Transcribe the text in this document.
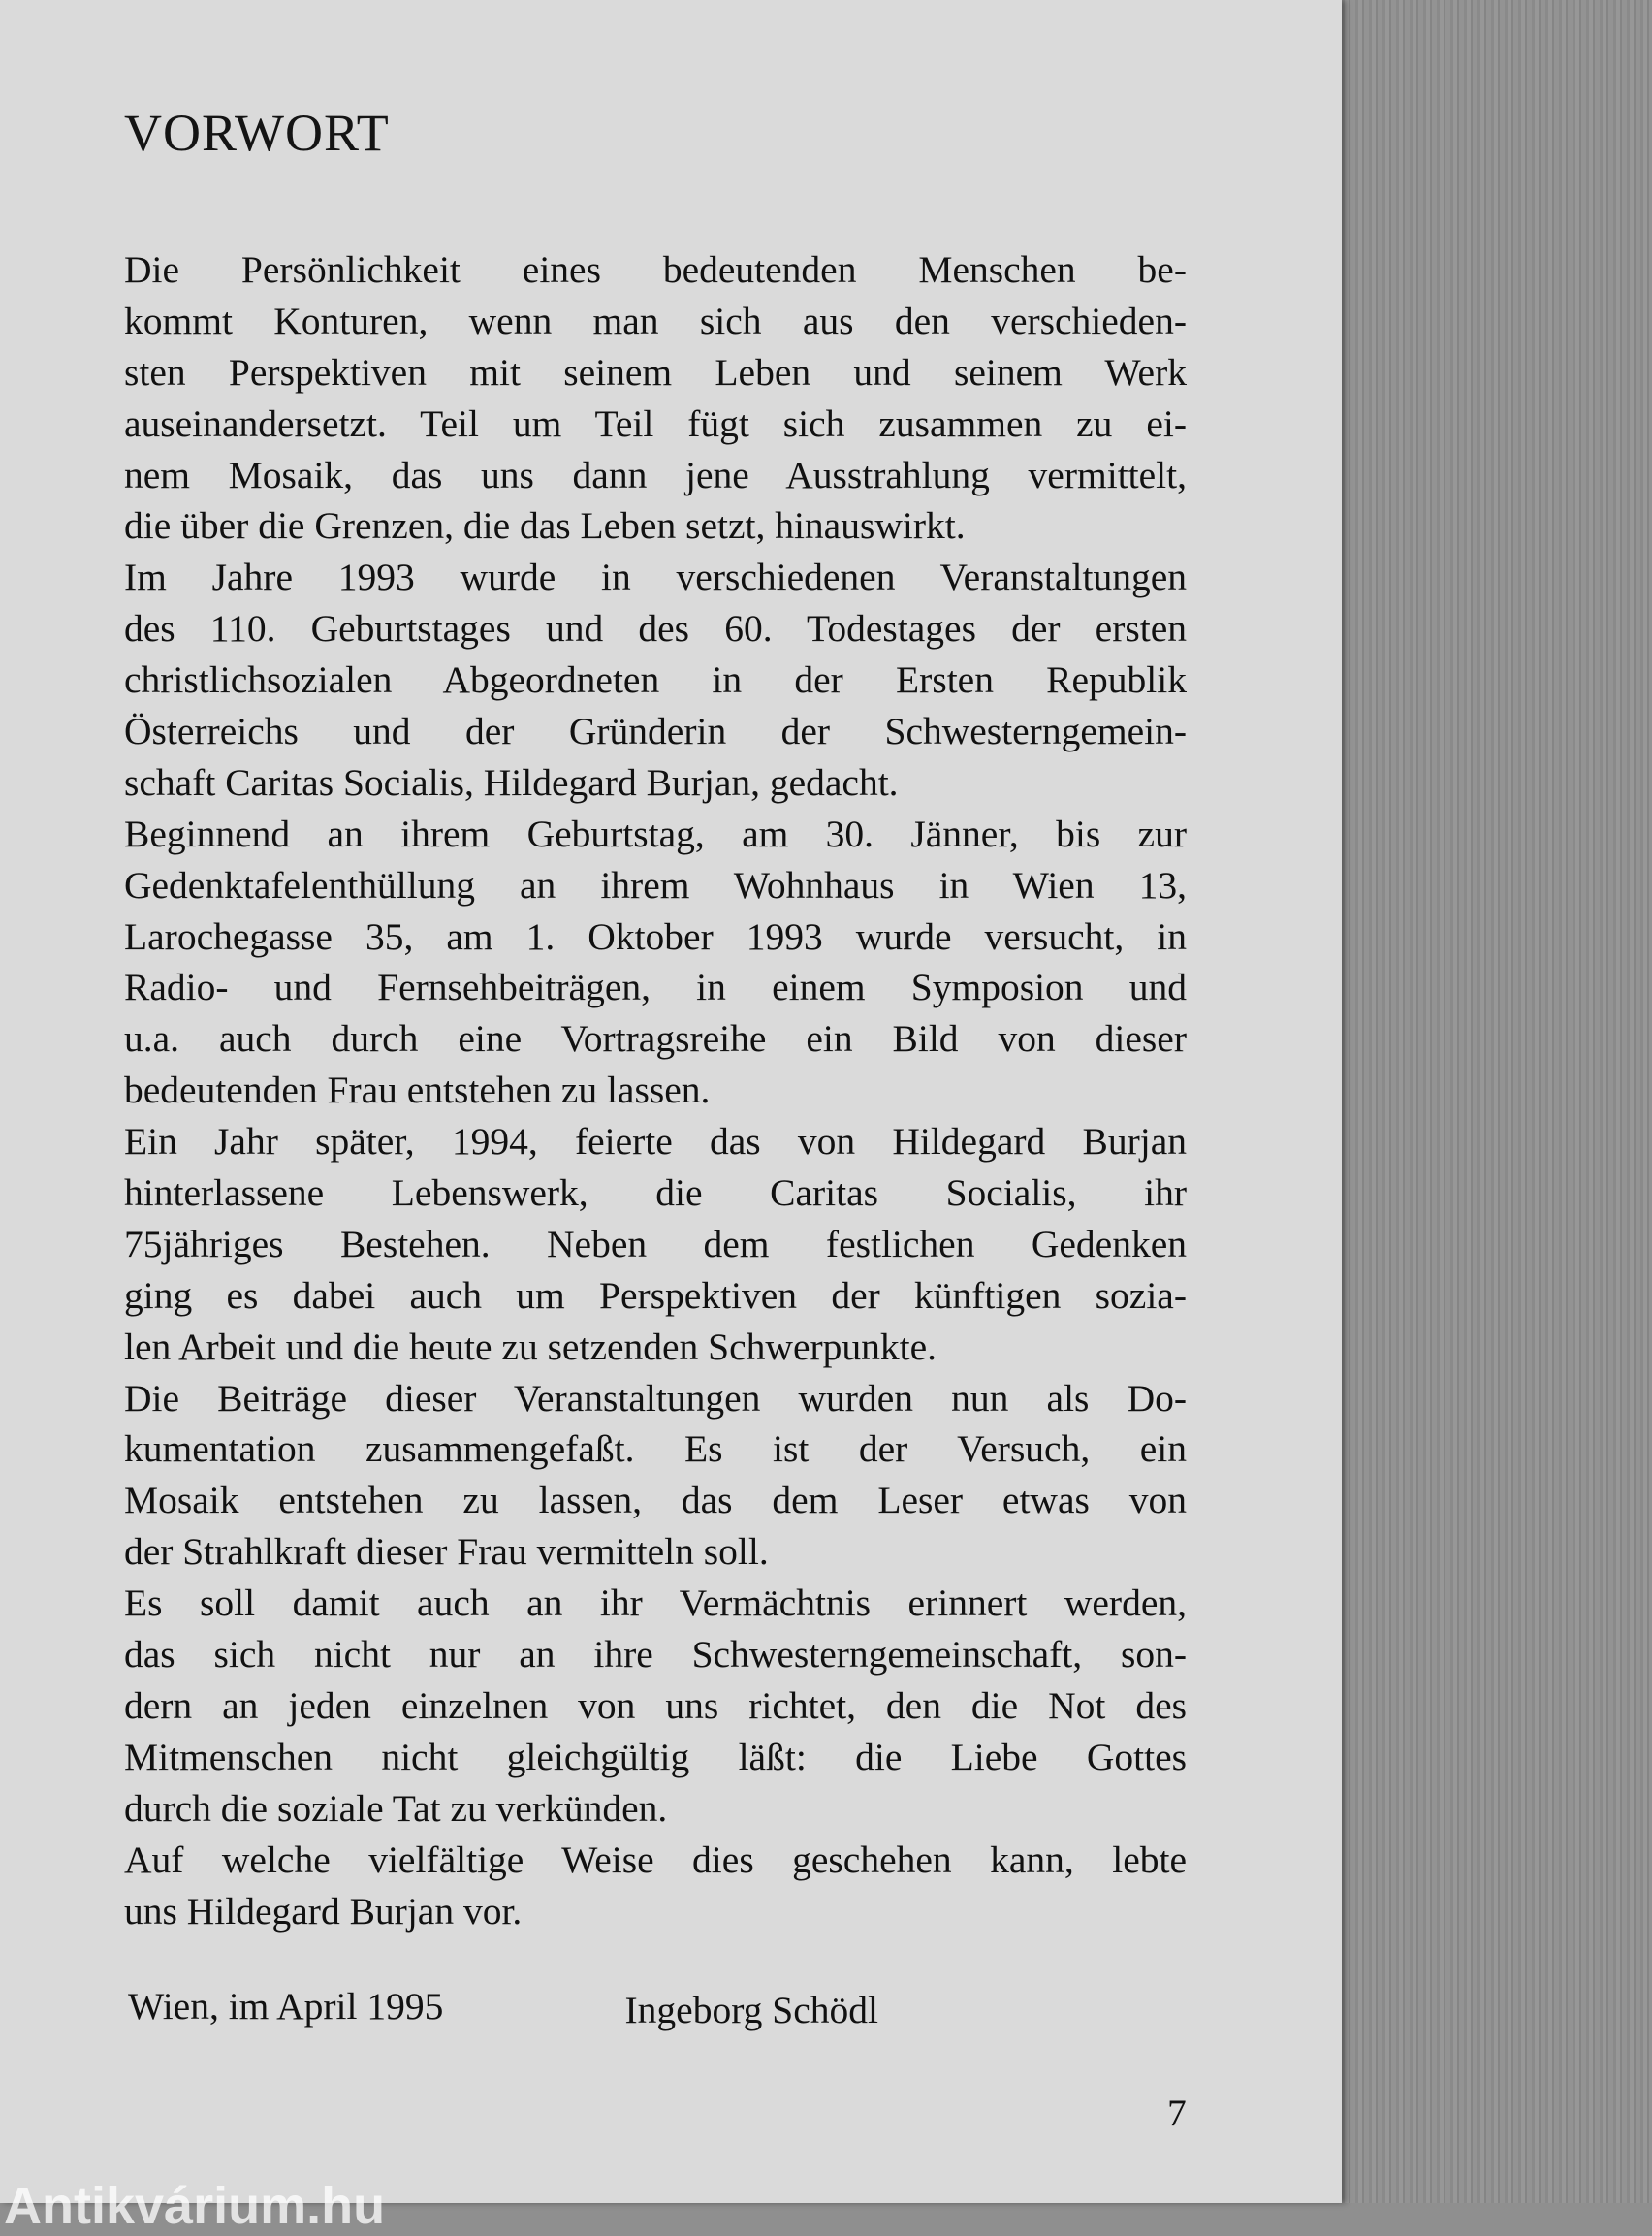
VORWORT
Die Persönlichkeit eines bedeutenden Menschen be-
kommt Konturen, wenn man sich aus den verschieden-
sten Perspektiven mit seinem Leben und seinem Werk
auseinandersetzt. Teil um Teil fügt sich zusammen zu ei-
nem Mosaik, das uns dann jene Ausstrahlung vermittelt,
die über die Grenzen, die das Leben setzt, hinauswirkt.
Im Jahre 1993 wurde in verschiedenen Veranstaltungen
des 110. Geburtstages und des 60. Todestages der ersten
christlichsozialen Abgeordneten in der Ersten Republik
Österreichs und der Gründerin der Schwesterngemein-
schaft Caritas Socialis, Hildegard Burjan, gedacht.
Beginnend an ihrem Geburtstag, am 30. Jänner, bis zur
Gedenktafelenthüllung an ihrem Wohnhaus in Wien 13,
Larochegasse 35, am 1. Oktober 1993 wurde versucht, in
Radio- und Fernsehbeiträgen, in einem Symposion und
u.a. auch durch eine Vortragsreihe ein Bild von dieser
bedeutenden Frau entstehen zu lassen.
Ein Jahr später, 1994, feierte das von Hildegard Burjan
hinterlassene Lebenswerk, die Caritas Socialis, ihr
75jähriges Bestehen. Neben dem festlichen Gedenken
ging es dabei auch um Perspektiven der künftigen sozia-
len Arbeit und die heute zu setzenden Schwerpunkte.
Die Beiträge dieser Veranstaltungen wurden nun als Do-
kumentation zusammengefaßt. Es ist der Versuch, ein
Mosaik entstehen zu lassen, das dem Leser etwas von
der Strahlkraft dieser Frau vermitteln soll.
Es soll damit auch an ihr Vermächtnis erinnert werden,
das sich nicht nur an ihre Schwesterngemeinschaft, son-
dern an jeden einzelnen von uns richtet, den die Not des
Mitmenschen nicht gleichgültig läßt: die Liebe Gottes
durch die soziale Tat zu verkünden.
Auf welche vielfältige Weise dies geschehen kann, lebte
uns Hildegard Burjan vor.
Wien, im April 1995	Ingeborg Schödl
7
Antikvárium.hu
